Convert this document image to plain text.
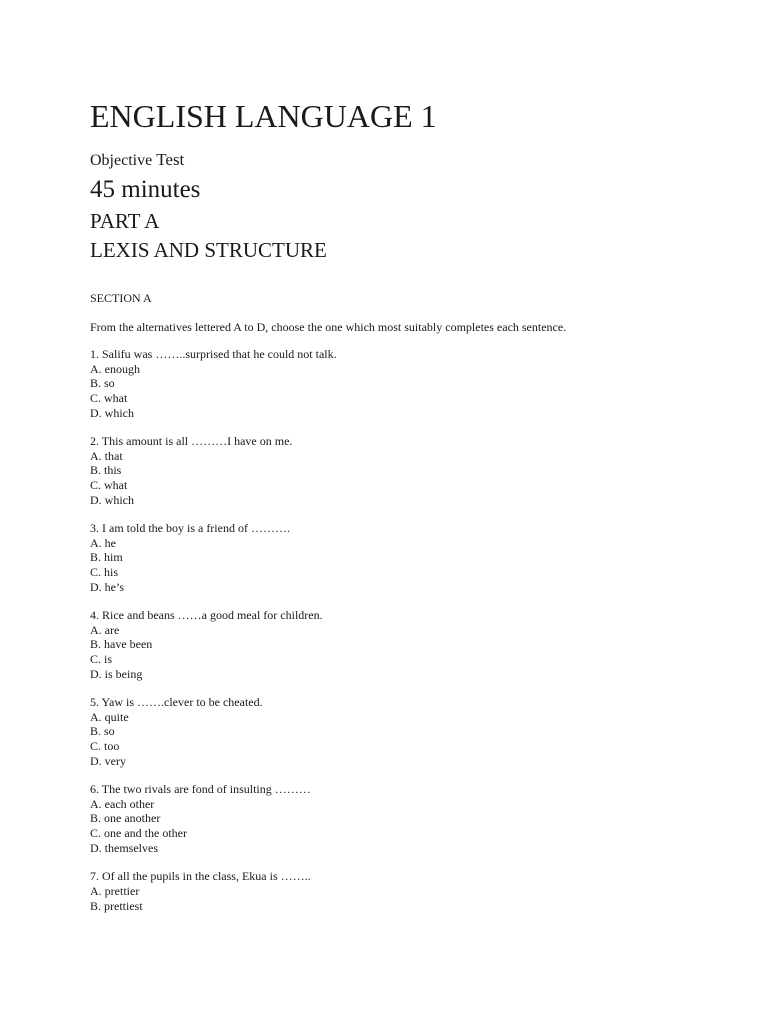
ENGLISH LANGUAGE 1
Objective Test
45 minutes
PART A
LEXIS AND STRUCTURE
SECTION A
From the alternatives lettered A to D, choose the one which most suitably completes each sentence.
1. Salifu was ……..surprised that he could not talk.
A. enough
B. so
C. what
D. which
2. This amount is all ………I have on me.
A. that
B. this
C. what
D. which
3. I am told the boy is a friend of ……….
A. he
B. him
C. his
D. he’s
4. Rice and beans ……a good meal for children.
A. are
B. have been
C. is
D. is being
5. Yaw is …….clever to be cheated.
A. quite
B. so
C. too
D. very
6. The two rivals are fond of insulting ………
A. each other
B. one another
C. one and the other
D. themselves
7. Of all the pupils in the class, Ekua is ……..
A. prettier
B. prettiest
